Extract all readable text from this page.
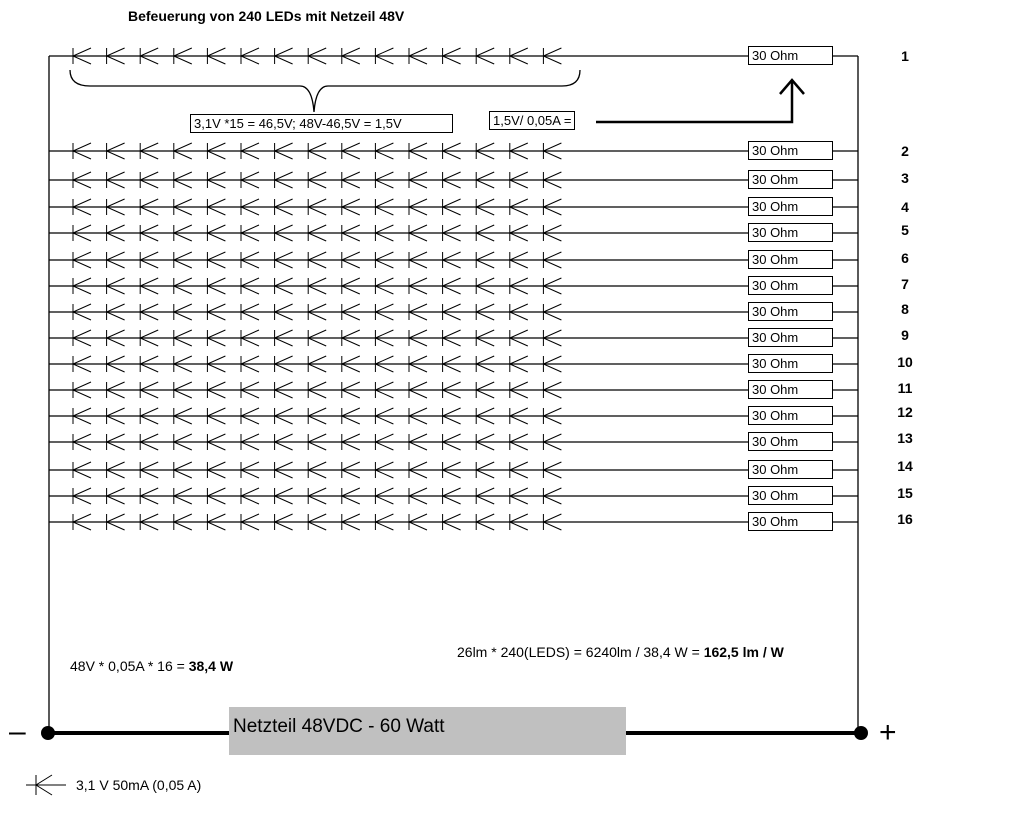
Befeuerung von 240 LEDs mit Netzeil 48V
30 Ohm
30 Ohm
30 Ohm
30 Ohm
30 Ohm
30 Ohm
30 Ohm
30 Ohm
30 Ohm
30 Ohm
30 Ohm
30 Ohm
30 Ohm
30 Ohm
30 Ohm
30 Ohm
1
2
3
4
5
6
7
8
9
10
11
12
13
14
15
16
3,1V *15 = 46,5V; 48V-46,5V = 1,5V	1,5V/ 0,05A =
48V * 0,05A * 16 = 38,4 W
26lm * 240(LEDS) = 6240lm / 38,4 W = 162,5 lm / W
Netzteil 48VDC - 60 Watt
–	+
3,1 V 50mA (0,05 A)
